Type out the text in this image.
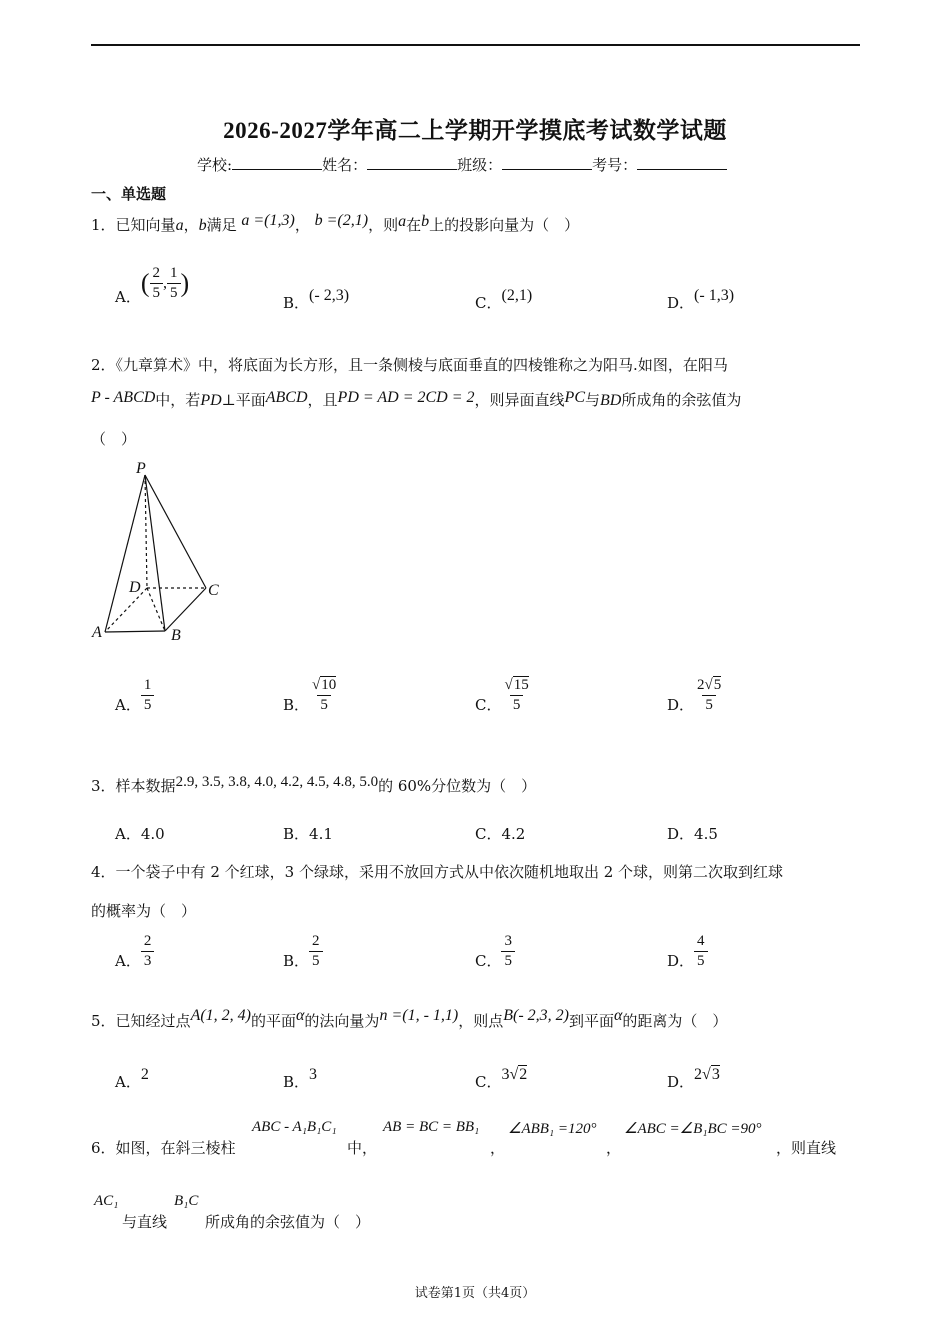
2026-2027学年高二上学期开学摸底考试数学试题
学校:	姓名：	班级：	考号：
一、单选题
1．已知向量a，b满足 a =(1,3)， b =(2,1)，则a在b上的投影向量为（　）
A．( $\frac{2}{5}$ , $\frac{1}{5}$ )
B．(- 2,3)	C．(2,1)	D．(- 1,3)
2．《九章算术》中，将底面为长方形，且一条侧棱与底面垂直的四棱锥称之为阳马.如图，在阳马
P - ABCD中，若PD⊥平面ABCD，且PD = AD = 2CD = 2，则异面直线PC与BD所成角的余弦值为
（　）
P
D	C
A	B
A． $\frac{1}{5}$	B． $\frac{√10}{5}$	C． $\frac{√15}{5}$	D． $\frac{2√5}{5}$
3．样本数据2.9, 3.5, 3.8, 4.0, 4.2, 4.5, 4.8, 5.0的 60%分位数为（　）
A．4.0	B．4.1	C．4.2	D．4.5
4．一个袋子中有 2 个红球，3 个绿球，采用不放回方式从中依次随机地取出 2 个球，则第二次取到红球
的概率为（　）
A． $\frac{2}{3}$	B． $\frac{2}{5}$	C． $\frac{3}{5}$	D． $\frac{4}{5}$
5．已知经过点A(1, 2, 4)的平面α的法向量为n =(1, - 1,1)，则点B(- 2,3, 2)到平面α的距离为（　）
A．2	B．3	C．3√2	D．2√3
6．如图，在斜三棱柱
ABC - A₁B₁C₁
中，
AB = BC = BB₁
，
∠ABB₁ =120°
，
∠ABC =∠B₁BC =90°
，则直线
AC₁
与直线
B₁C
所成角的余弦值为（　）
试卷第1页（共4页）
